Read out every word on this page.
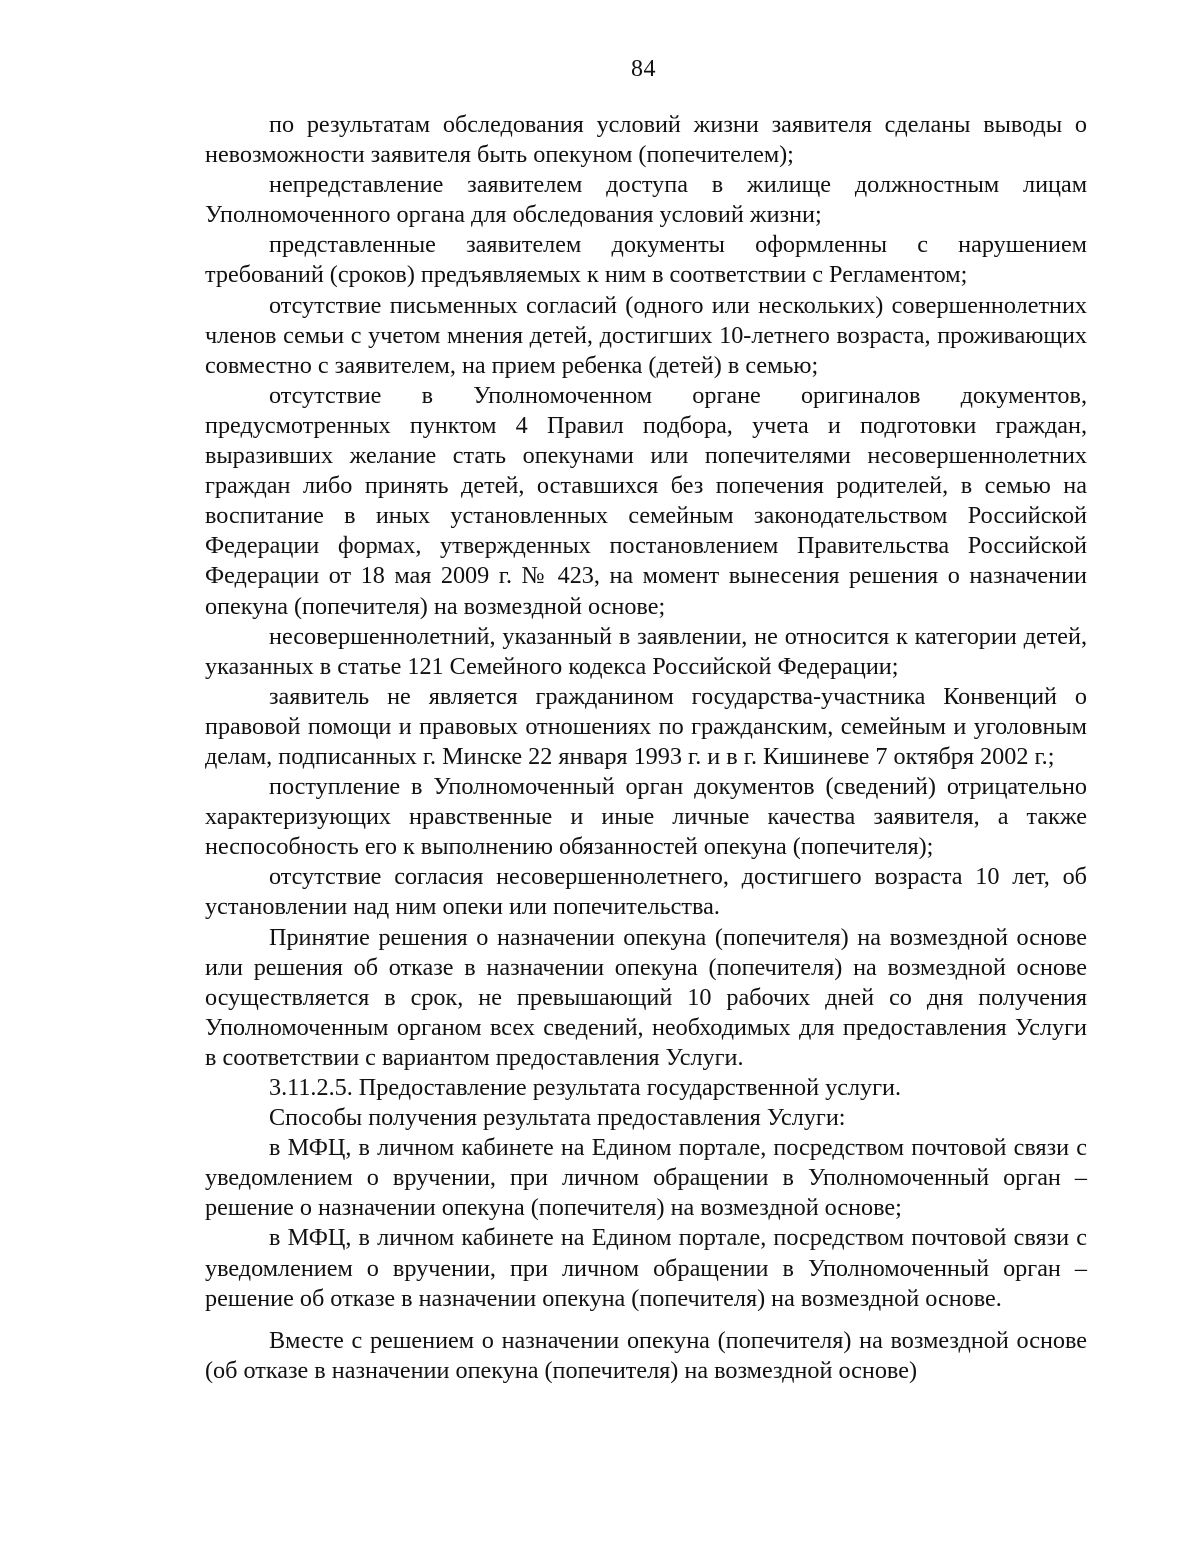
84

по результатам обследования условий жизни заявителя сделаны выводы о невозможности заявителя быть опекуном (попечителем);

непредставление заявителем доступа в жилище должностным лицам Уполномоченного органа для обследования условий жизни;

представленные заявителем документы оформленны с нарушением требований (сроков) предъявляемых к ним в соответствии с Регламентом;

отсутствие письменных согласий (одного или нескольких) совершеннолетних членов семьи с учетом мнения детей, достигших 10-летнего возраста, проживающих совместно с заявителем, на прием ребенка (детей) в семью;

отсутствие в Уполномоченном органе оригиналов документов, предусмотренных пунктом 4 Правил подбора, учета и подготовки граждан, выразивших желание стать опекунами или попечителями несовершеннолетних граждан либо принять детей, оставшихся без попечения родителей, в семью на воспитание в иных установленных семейным законодательством Российской Федерации формах, утвержденных постановлением Правительства Российской Федерации от 18 мая 2009 г. № 423, на момент вынесения решения о назначении опекуна (попечителя) на возмездной основе;

несовершеннолетний, указанный в заявлении, не относится к категории детей, указанных в статье 121 Семейного кодекса Российской Федерации;

заявитель не является гражданином государства-участника Конвенций о правовой помощи и правовых отношениях по гражданским, семейным и уголовным делам, подписанных г. Минске 22 января 1993 г. и в г. Кишиневе 7 октября 2002 г.;

поступление в Уполномоченный орган документов (сведений) отрицательно характеризующих нравственные и иные личные качества заявителя, а также неспособность его к выполнению обязанностей опекуна (попечителя);

отсутствие согласия несовершеннолетнего, достигшего возраста 10 лет, об установлении над ним опеки или попечительства.

Принятие решения о назначении опекуна (попечителя) на возмездной основе или решения об отказе в назначении опекуна (попечителя) на возмездной основе осуществляется в срок, не превышающий 10 рабочих дней со дня получения Уполномоченным органом всех сведений, необходимых для предоставления Услуги в соответствии с вариантом предоставления Услуги.

3.11.2.5. Предоставление результата государственной услуги.

Способы получения результата предоставления Услуги:

в МФЦ, в личном кабинете на Едином портале, посредством почтовой связи с уведомлением о вручении, при личном обращении в Уполномоченный орган – решение о назначении опекуна (попечителя) на возмездной основе;

в МФЦ, в личном кабинете на Едином портале, посредством почтовой связи с уведомлением о вручении, при личном обращении в Уполномоченный орган – решение об отказе в назначении опекуна (попечителя) на возмездной основе.

Вместе с решением о назначении опекуна (попечителя) на возмездной основе (об отказе в назначении опекуна (попечителя) на возмездной основе)
